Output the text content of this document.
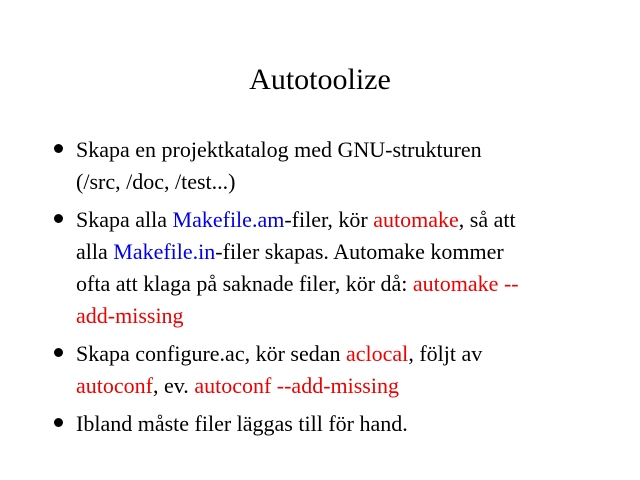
Autotoolize
Skapa en projektkatalog med GNU-strukturen
(/src, /doc, /test...)
Skapa alla Makefile.am-filer, kör automake, så att
alla Makefile.in-filer skapas. Automake kommer
ofta att klaga på saknade filer, kör då: automake --
add-missing
Skapa configure.ac, kör sedan aclocal, följt av
autoconf, ev. autoconf --add-missing
Ibland måste filer läggas till för hand.
